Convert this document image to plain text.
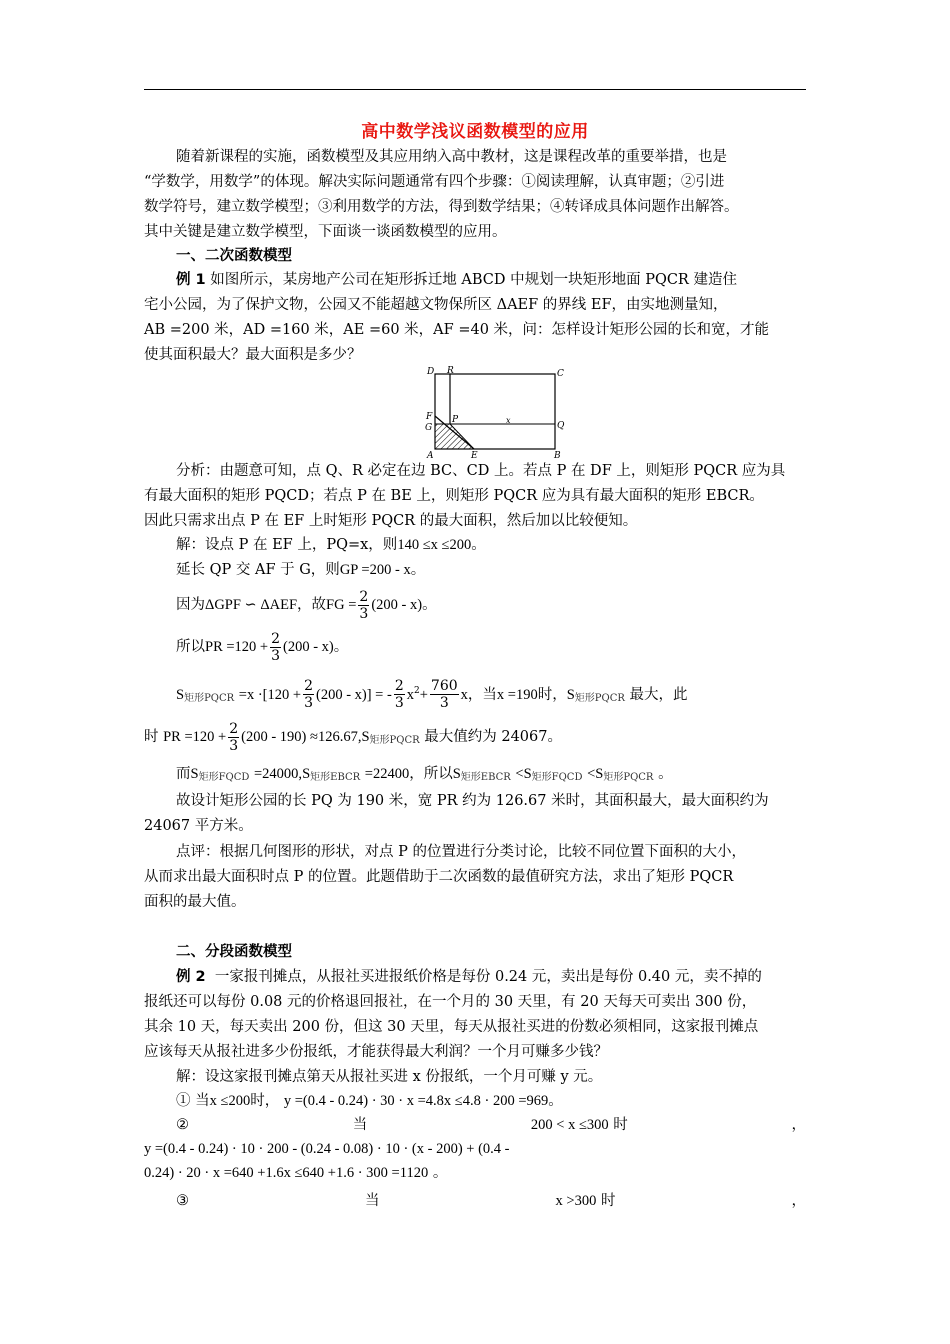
高中数学浅议函数模型的应用
随着新课程的实施，函数模型及其应用纳入高中教材，这是课程改革的重要举措，也是
“学数学，用数学”的体现。解决实际问题通常有四个步骤：①阅读理解，认真审题；②引进
数学符号，建立数学模型；③利用数学的方法，得到数学结果；④转译成具体问题作出解答。
其中关键是建立数学模型，下面谈一谈函数模型的应用。
一、二次函数模型
例 1 如图所示，某房地产公司在矩形拆迁地 ABCD 中规划一块矩形地面 PQCR 建造住
宅小公园，为了保护文物，公园又不能超越文物保所区 ΔAEF 的界线 EF，由实地测量知，
AB =200 米，AD =160 米，AE =60 米，AF =40 米，问：怎样设计矩形公园的长和宽，才能
使其面积最大？最大面积是多少？
D R	C
F
G
P	x
Q
A	E	B
分析：由题意可知，点 Q、R 必定在边 BC、CD 上。若点 P 在 DF 上，则矩形 PQCR 应为具
有最大面积的矩形 PQCD；若点 P 在 BE 上，则矩形 PQCR 应为具有最大面积的矩形 EBCR。
因此只需求出点 P 在 EF 上时矩形 PQCR 的最大面积，然后加以比较便知。
解：设点 P 在 EF 上，PQ=x，则140 ≤x ≤200。
延长 QP 交 AF 于 G，则GP =200 - x。
因为ΔGPF ∽ ΔAEF，故FG = $\frac{2}{3} (200 - x)$。
所以PR $=120 + \frac{2}{3} (200 - x)$。
$S_{矩形PQCR} =x \cdot[120 + \frac{2}{3} (200 - x)]$ = - $\frac{2}{3} x^2+ \frac{760}{3}$ x，当x =190时，$S_{矩形PQCR}$ 最大，此
时 PR $=120 + \frac{2}{3} (200 - 190) \approx 126.67,S_{矩形PQCR}$ 最大值约为 24067。
而$S_{矩形FQCD} =24000,S_{矩形EBCR} =22400$，所以$S_{矩形EBCR} <S_{矩形FQCD} <S_{矩形PQCR}$ 。
故设计矩形公园的长 PQ 为 190 米，宽 PR 约为 126.67 米时，其面积最大，最大面积约为
24067 平方米。
点评：根据几何图形的形状，对点 P 的位置进行分类讨论，比较不同位置下面积的大小，
从而求出最大面积时点 P 的位置。此题借助于二次函数的最值研究方法，求出了矩形 PQCR
面积的最大值。
二、分段函数模型
例 2 一家报刊摊点，从报社买进报纸价格是每份 0.24 元，卖出是每份 0.40 元，卖不掉的
报纸还可以每份 0.08 元的价格退回报社，在一个月的 30 天里，有 20 天每天可卖出 300 份，
其余 10 天，每天卖出 200 份，但这 30 天里，每天从报社买进的份数必须相同，这家报刊摊点
应该每天从报社进多少份报纸，才能获得最大利润？一个月可赚多少钱？
解：设这家报刊摊点第天从报社买进 x 份报纸，一个月可赚 y 元。
① 当x ≤200时， y =(0.4 - 0.24) · 30 · x =4.8x ≤4.8 · 200 =969。
②	当	200 < x ≤300 时	，
y =(0.4 - 0.24) · 10 · 200 - (0.24 - 0.08) · 10 · (x - 200) + (0.4 -
0.24) · 20 · x =640 +1.6x ≤640 +1.6 · 300 =1120 。
③	当	x >300 时	，
